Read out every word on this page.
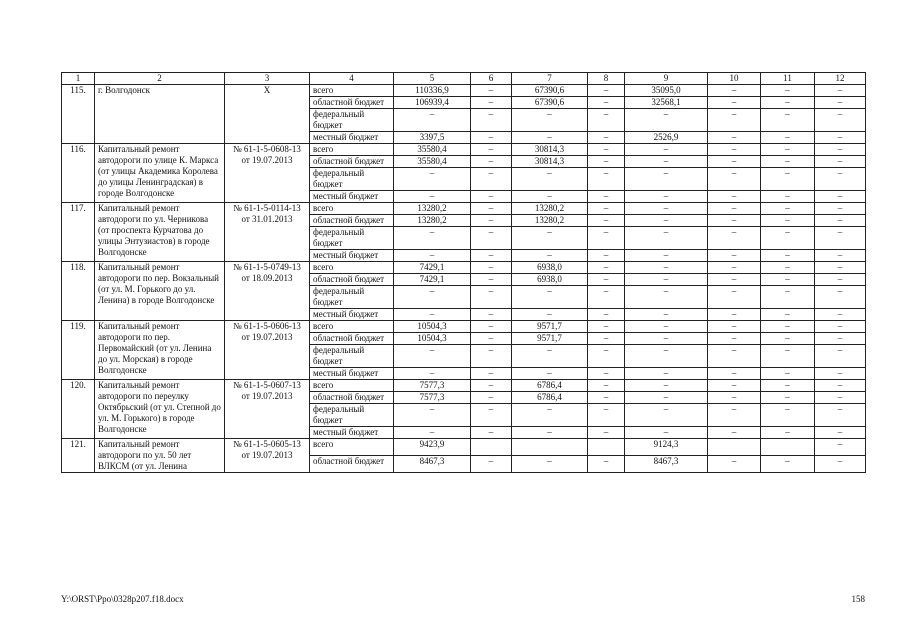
1	2	3	4	5	6	7	8	9	10	11	12
115.	г. Волгодонск	Х	всего	110336,9	–	67390,6	–	35095,0	–	–	–
			областной бюджет	106939,4	–	67390,6	–	32568,1	–	–	–
			федеральный бюджет	–	–	–	–	–	–	–	–
			местный бюджет	3397,5	–	–	–	2526,9	–	–	–
116.	Капитальный ремонт автодороги по улице К. Маркса (от улицы Академика Королева до улицы Ленинградская) в городе Волгодонске	№ 61-1-5-0608-13 от 19.07.2013	всего	35580,4	–	30814,3	–	–	–	–	–
			областной бюджет	35580,4	–	30814,3	–	–	–	–	–
			федеральный бюджет	–	–	–	–	–	–	–	–
			местный бюджет	–	–	–	–	–	–	–	–
117.	Капитальный ремонт автодороги по ул. Черникова (от проспекта Курчатова до улицы Энтузиастов) в городе Волгодонске	№ 61-1-5-0114-13 от 31.01.2013	всего	13280,2	–	13280,2	–	–	–	–	–
			областной бюджет	13280,2	–	13280,2	–	–	–	–	–
			федеральный бюджет	–	–	–	–	–	–	–	–
			местный бюджет	–	–	–	–	–	–	–	–
118.	Капитальный ремонт автодороги по пер. Вокзальный (от ул. М. Горького до ул. Ленина) в городе Волгодонске	№ 61-1-5-0749-13 от 18.09.2013	всего	7429,1	–	6938,0	–	–	–	–	–
			областной бюджет	7429,1	–	6938,0	–	–	–	–	–
			федеральный бюджет	–	–	–	–	–	–	–	–
			местный бюджет	–	–	–	–	–	–	–	–
119.	Капитальный ремонт автодороги по пер. Первомайский (от ул. Ленина до ул. Морская) в городе Волгодонске	№ 61-1-5-0606-13 от 19.07.2013	всего	10504,3	–	9571,7	–	–	–	–	–
			областной бюджет	10504,3	–	9571,7	–	–	–	–	–
			федеральный бюджет	–	–	–	–	–	–	–	–
			местный бюджет	–	–	–	–	–	–	–	–
120.	Капитальный ремонт автодороги по переулку Октябрьский (от ул. Степной до ул. М. Горького) в городе Волгодонске	№ 61-1-5-0607-13 от 19.07.2013	всего	7577,3	–	6786,4	–	–	–	–	–
			областной бюджет	7577,3	–	6786,4	–	–	–	–	–
			федеральный бюджет	–	–	–	–	–	–	–	–
			местный бюджет	–	–	–	–	–	–	–	–
121.	Капитальный ремонт автодороги по ул. 50 лет ВЛКСМ (от ул. Ленина	№ 61-1-5-0605-13 от 19.07.2013	всего	9423,9				9124,3			–
			областной бюджет	8467,3	–	–	–	8467,3	–	–	–
Y:\ORST\Ppo\0328p207.f18.docx	158
